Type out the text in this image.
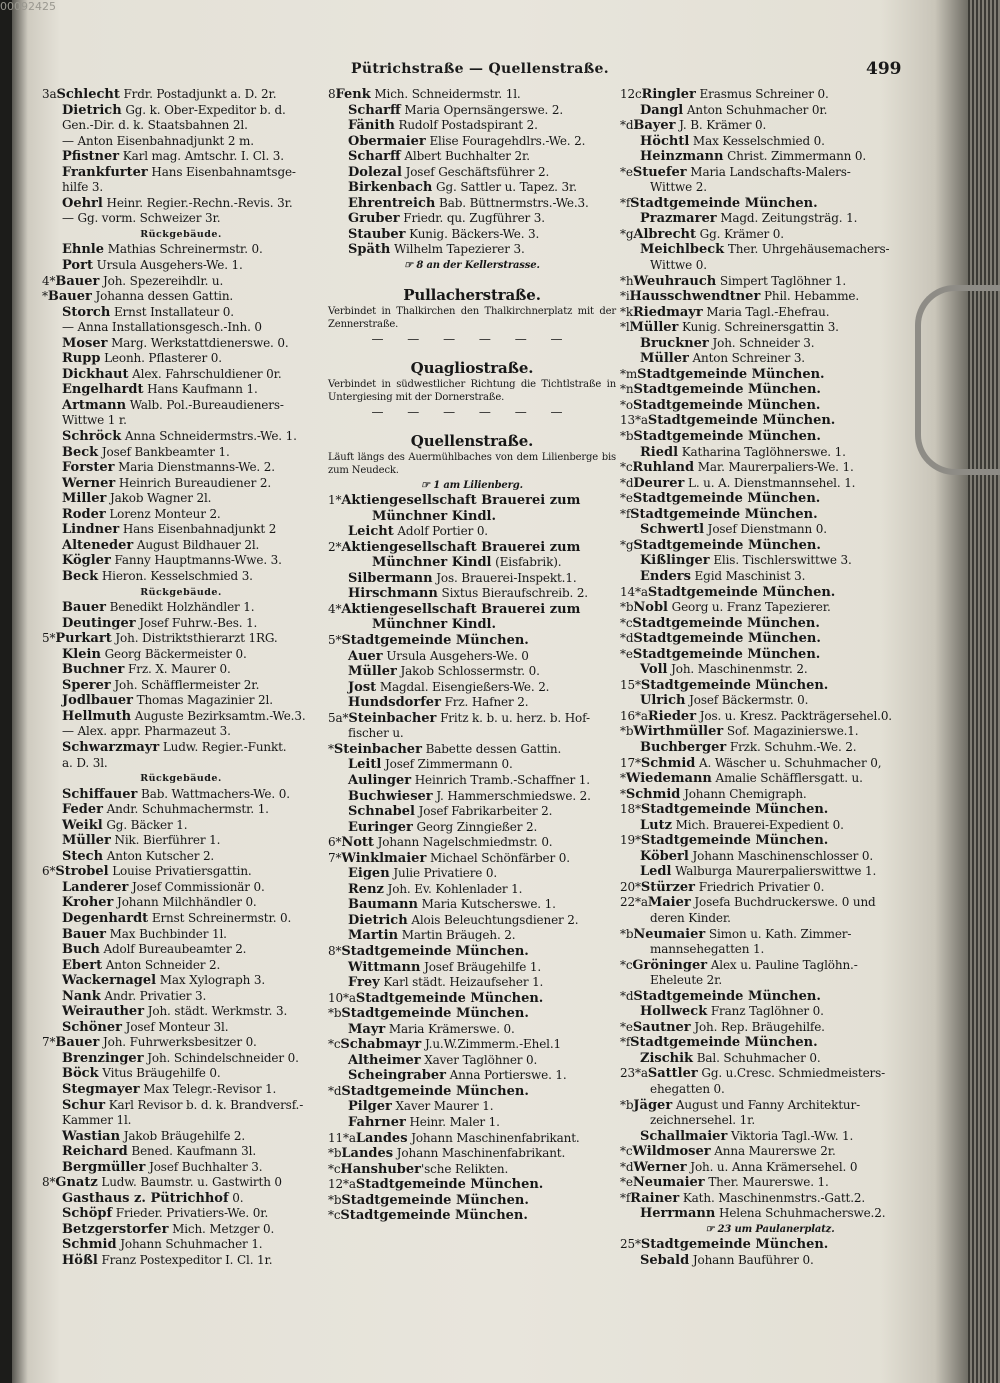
00092425
Pütrichstraße — Quellenstraße.	499
3aSchlecht Frdr. Postadjunkt a. D. 2r.
Dietrich Gg. k. Ober-Expeditor b. d.
Gen.-Dir. d. k. Staatsbahnen 2l.
— Anton Eisenbahnadjunkt 2 m.
Pfistner Karl mag. Amtschr. I. Cl. 3.
Frankfurter Hans Eisenbahnamtsge-
hilfe 3.
Oehrl Heinr. Regier.-Rechn.-Revis. 3r.
— Gg. vorm. Schweizer 3r.
Rückgebäude.
Ehnle Mathias Schreinermstr. 0.
Port Ursula Ausgehers-We. 1.
4*Bauer Joh. Spezereihdlr. u.
*Bauer Johanna dessen Gattin.
Storch Ernst Installateur 0.
— Anna Installationsgesch.-Inh. 0
Moser Marg. Werkstattdienerswe. 0.
Rupp Leonh. Pflasterer 0.
Dickhaut Alex. Fahrschuldiener 0r.
Engelhardt Hans Kaufmann 1.
Artmann Walb. Pol.-Bureaudieners-
Wittwe 1 r.
Schröck Anna Schneidermstrs.-We. 1.
Beck Josef Bankbeamter 1.
Forster Maria Dienstmanns-We. 2.
Werner Heinrich Bureaudiener 2.
Miller Jakob Wagner 2l.
Roder Lorenz Monteur 2.
Lindner Hans Eisenbahnadjunkt 2
Alteneder August Bildhauer 2l.
Kögler Fanny Hauptmanns-Wwe. 3.
Beck Hieron. Kesselschmied 3.
Rückgebäude.
Bauer Benedikt Holzhändler 1.
Deutinger Josef Fuhrw.-Bes. 1.
5*Purkart Joh. Distriktsthierarzt 1RG.
Klein Georg Bäckermeister 0.
Buchner Frz. X. Maurer 0.
Sperer Joh. Schäfflermeister 2r.
Jodlbauer Thomas Magazinier 2l.
Hellmuth Auguste Bezirksamtm.-We.3.
— Alex. appr. Pharmazeut 3.
Schwarzmayr Ludw. Regier.-Funkt.
a. D. 3l.
Rückgebäude.
Schiffauer Bab. Wattmachers-We. 0.
Feder Andr. Schuhmachermstr. 1.
Weikl Gg. Bäcker 1.
Müller Nik. Bierführer 1.
Stech Anton Kutscher 2.
6*Strobel Louise Privatiersgattin.
Landerer Josef Commissionär 0.
Kroher Johann Milchhändler 0.
Degenhardt Ernst Schreinermstr. 0.
Bauer Max Buchbinder 1l.
Buch Adolf Bureaubeamter 2.
Ebert Anton Schneider 2.
Wackernagel Max Xylograph 3.
Nank Andr. Privatier 3.
Weirauther Joh. städt. Werkmstr. 3.
Schöner Josef Monteur 3l.
7*Bauer Joh. Fuhrwerksbesitzer 0.
Brenzinger Joh. Schindelschneider 0.
Böck Vitus Bräugehilfe 0.
Stegmayer Max Telegr.-Revisor 1.
Schur Karl Revisor b. d. k. Brandversf.-
Kammer 1l.
Wastian Jakob Bräugehilfe 2.
Reichard Bened. Kaufmann 3l.
Bergmüller Josef Buchhalter 3.
8*Gnatz Ludw. Baumstr. u. Gastwirth 0
Gasthaus z. Pütrichhof 0.
Schöpf Frieder. Privatiers-We. 0r.
Betzgerstorfer Mich. Metzger 0.
Schmid Johann Schuhmacher 1.
Hößl Franz Postexpeditor I. Cl. 1r.
8Fenk Mich. Schneidermstr. 1l.
Scharff Maria Opernsängerswe. 2.
Fänith Rudolf Postadspirant 2.
Obermaier Elise Fouragehdlrs.-We. 2.
Scharff Albert Buchhalter 2r.
Dolezal Josef Geschäftsführer 2.
Birkenbach Gg. Sattler u. Tapez. 3r.
Ehrentreich Bab. Büttnermstrs.-We.3.
Gruber Friedr. qu. Zugführer 3.
Stauber Kunig. Bäckers-We. 3.
Späth Wilhelm Tapezierer 3.
☞ 8 an der Kellerstrasse.
Pullacherstraße.
Verbindet in Thalkirchen den Thalkirchnerplatz mit der Zennerstraße.
— — — — — —
Quagliostraße.
Verbindet in südwestlicher Richtung die Tichtlstraße in Untergiesing mit der Dornerstraße.
— — — — — —
Quellenstraße.
Läuft längs des Auermühlbaches von dem Lilienberge bis zum Neudeck.
☞ 1 am Lilienberg.
1*Aktiengesellschaft Brauerei zum
Münchner Kindl.
Leicht Adolf Portier 0.
2*Aktiengesellschaft Brauerei zum
Münchner Kindl (Eisfabrik).
Silbermann Jos. Brauerei-Inspekt.1.
Hirschmann Sixtus Bieraufschreib. 2.
4*Aktiengesellschaft Brauerei zum
Münchner Kindl.
5*Stadtgemeinde München.
Auer Ursula Ausgehers-We. 0
Müller Jakob Schlossermstr. 0.
Jost Magdal. Eisengießers-We. 2.
Hundsdorfer Frz. Hafner 2.
5a*Steinbacher Fritz k. b. u. herz. b. Hof-
fischer u.
*Steinbacher Babette dessen Gattin.
Leitl Josef Zimmermann 0.
Aulinger Heinrich Tramb.-Schaffner 1.
Buchwieser J. Hammerschmiedswe. 2.
Schnabel Josef Fabrikarbeiter 2.
Euringer Georg Zinngießer 2.
6*Nott Johann Nagelschmiedmstr. 0.
7*Winklmaier Michael Schönfärber 0.
Eigen Julie Privatiere 0.
Renz Joh. Ev. Kohlenlader 1.
Baumann Maria Kutscherswe. 1.
Dietrich Alois Beleuchtungsdiener 2.
Martin Martin Bräugeh. 2.
8*Stadtgemeinde München.
Wittmann Josef Bräugehilfe 1.
Frey Karl städt. Heizaufseher 1.
10*aStadtgemeinde München.
*bStadtgemeinde München.
Mayr Maria Krämerswe. 0.
*cSchabmayr J.u.W.Zimmerm.-Ehel.1
Altheimer Xaver Taglöhner 0.
Scheingraber Anna Portierswe. 1.
*dStadtgemeinde München.
Pilger Xaver Maurer 1.
Fahrner Heinr. Maler 1.
11*aLandes Johann Maschinenfabrikant.
*bLandes Johann Maschinenfabrikant.
*cHanshuber'sche Relikten.
12*aStadtgemeinde München.
*bStadtgemeinde München.
*cStadtgemeinde München.
12cRingler Erasmus Schreiner 0.
Dangl Anton Schuhmacher 0r.
*dBayer J. B. Krämer 0.
Höchtl Max Kesselschmied 0.
Heinzmann Christ. Zimmermann 0.
*eStuefer Maria Landschafts-Malers-
Wittwe 2.
*fStadtgemeinde München.
Prazmarer Magd. Zeitungsträg. 1.
*gAlbrecht Gg. Krämer 0.
Meichlbeck Ther. Uhrgehäusemachers-
Wittwe 0.
*hWeuhrauch Simpert Taglöhner 1.
*iHausschwendtner Phil. Hebamme.
*kRiedmayr Maria Tagl.-Ehefrau.
*lMüller Kunig. Schreinersgattin 3.
Bruckner Joh. Schneider 3.
Müller Anton Schreiner 3.
*mStadtgemeinde München.
*nStadtgemeinde München.
*oStadtgemeinde München.
13*aStadtgemeinde München.
*bStadtgemeinde München.
Riedl Katharina Taglöhnerswe. 1.
*cRuhland Mar. Maurerpaliers-We. 1.
*dDeurer L. u. A. Dienstmannsehel. 1.
*eStadtgemeinde München.
*fStadtgemeinde München.
Schwertl Josef Dienstmann 0.
*gStadtgemeinde München.
Kißlinger Elis. Tischlerswittwe 3.
Enders Egid Maschinist 3.
14*aStadtgemeinde München.
*bNobl Georg u. Franz Tapezierer.
*cStadtgemeinde München.
*dStadtgemeinde München.
*eStadtgemeinde München.
Voll Joh. Maschinenmstr. 2.
15*Stadtgemeinde München.
Ulrich Josef Bäckermstr. 0.
16*aRieder Jos. u. Kresz. Packträgersehel.0.
*bWirthmüller Sof. Magazinierswe.1.
Buchberger Frzk. Schuhm.-We. 2.
17*Schmid A. Wäscher u. Schuhmacher 0,
*Wiedemann Amalie Schäfflersgatt. u.
*Schmid Johann Chemigraph.
18*Stadtgemeinde München.
Lutz Mich. Brauerei-Expedient 0.
19*Stadtgemeinde München.
Köberl Johann Maschinenschlosser 0.
Ledl Walburga Maurerpalierswittwe 1.
20*Stürzer Friedrich Privatier 0.
22*aMaier Josefa Buchdruckerswe. 0 und
deren Kinder.
*bNeumaier Simon u. Kath. Zimmer-
mannsehegatten 1.
*cGröninger Alex u. Pauline Taglöhn.-
Eheleute 2r.
*dStadtgemeinde München.
Hollweck Franz Taglöhner 0.
*eSautner Joh. Rep. Bräugehilfe.
*fStadtgemeinde München.
Zischik Bal. Schuhmacher 0.
23*aSattler Gg. u.Cresc. Schmiedmeisters-
ehegatten 0.
*bJäger August und Fanny Architektur-
zeichnersehel. 1r.
Schallmaier Viktoria Tagl.-Ww. 1.
*cWildmoser Anna Maurerswe 2r.
*dWerner Joh. u. Anna Krämersehel. 0
*eNeumaier Ther. Maurerswe. 1.
*fRainer Kath. Maschinenmstrs.-Gatt.2.
Herrmann Helena Schuhmacherswe.2.
☞ 23 um Paulanerplatz.
25*Stadtgemeinde München.
Sebald Johann Bauführer 0.
